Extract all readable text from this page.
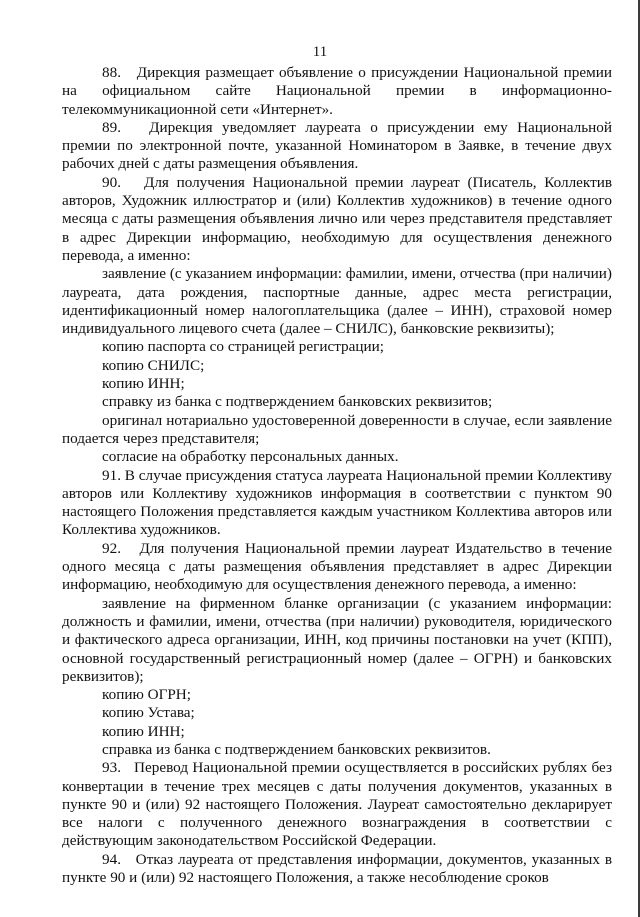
11

88.   Дирекция размещает объявление о присуждении Национальной премии на официальном сайте Национальной премии в информационно-телекоммуникационной сети «Интернет».

89.   Дирекция уведомляет лауреата о присуждении ему Национальной премии по электронной почте, указанной Номинатором в Заявке, в течение двух рабочих дней с даты размещения объявления.

90.   Для получения Национальной премии лауреат (Писатель, Коллектив авторов, Художник иллюстратор и (или) Коллектив художников) в течение одного месяца с даты размещения объявления лично или через представителя представляет в адрес Дирекции информацию, необходимую для осуществления денежного перевода, а именно:

заявление (с указанием информации: фамилии, имени, отчества (при наличии) лауреата, дата рождения, паспортные данные, адрес места регистрации, идентификационный номер налогоплательщика (далее – ИНН), страховой номер индивидуального лицевого счета (далее – СНИЛС), банковские реквизиты);

копию паспорта со страницей регистрации;

копию СНИЛС;

копию ИНН;

справку из банка с подтверждением банковских реквизитов;

оригинал нотариально удостоверенной доверенности в случае, если заявление подается через представителя;

согласие на обработку персональных данных.

91. В случае присуждения статуса лауреата Национальной премии Коллективу авторов или Коллективу художников информация в соответствии с пунктом 90 настоящего Положения представляется каждым участником Коллектива авторов или Коллектива художников.

92.   Для получения Национальной премии лауреат Издательство в течение одного месяца с даты размещения объявления представляет в адрес Дирекции информацию, необходимую для осуществления денежного перевода, а именно:

заявление на фирменном бланке организации (с указанием информации: должность и фамилии, имени, отчества (при наличии) руководителя, юридического и фактического адреса организации, ИНН, код причины постановки на учет (КПП), основной государственный регистрационный номер (далее – ОГРН) и банковских реквизитов);

копию ОГРН;

копию Устава;

копию ИНН;

справка из банка с подтверждением банковских реквизитов.

93.   Перевод Национальной премии осуществляется в российских рублях без конвертации в течение трех месяцев с даты получения документов, указанных в пункте 90 и (или) 92 настоящего Положения. Лауреат самостоятельно декларирует все налоги с полученного денежного вознаграждения в соответствии с действующим законодательством Российской Федерации.

94.   Отказ лауреата от представления информации, документов, указанных в пункте 90 и (или) 92 настоящего Положения, а также несоблюдение сроков
